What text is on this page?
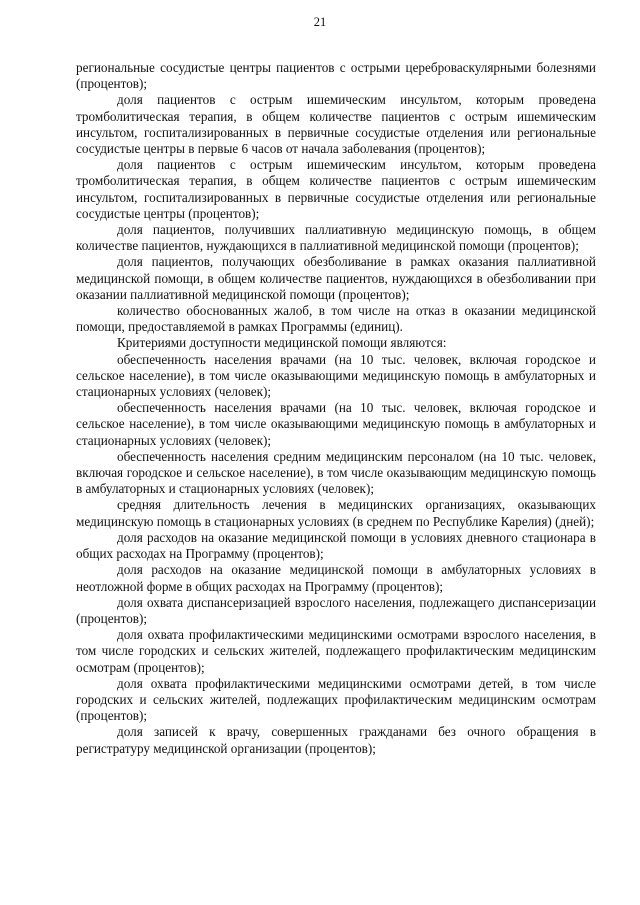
21

региональные сосудистые центры пациентов с острыми цереброваскулярными болезнями (процентов);

доля пациентов с острым ишемическим инсультом, которым проведена тромболитическая терапия, в общем количестве пациентов с острым ишемическим инсультом, госпитализированных в первичные сосудистые отделения или региональные сосудистые центры в первые 6 часов от начала заболевания (процентов);

доля пациентов с острым ишемическим инсультом, которым проведена тромболитическая терапия, в общем количестве пациентов с острым ишемическим инсультом, госпитализированных в первичные сосудистые отделения или региональные сосудистые центры (процентов);

доля пациентов, получивших паллиативную медицинскую помощь, в общем количестве пациентов, нуждающихся в паллиативной медицинской помощи (процентов);

доля пациентов, получающих обезболивание в рамках оказания паллиативной медицинской помощи, в общем количестве пациентов, нуждающихся в обезболивании при оказании паллиативной медицинской помощи (процентов);

количество обоснованных жалоб, в том числе на отказ в оказании медицинской помощи, предоставляемой в рамках Программы (единиц).

Критериями доступности медицинской помощи являются:

обеспеченность населения врачами (на 10 тыс. человек, включая городское и сельское население), в том числе оказывающими медицинскую помощь в амбулаторных и стационарных условиях (человек);

обеспеченность населения врачами (на 10 тыс. человек, включая городское и сельское население), в том числе оказывающими медицинскую помощь в амбулаторных и стационарных условиях (человек);

обеспеченность населения средним медицинским персоналом (на 10 тыс. человек, включая городское и сельское население), в том числе оказывающим медицинскую помощь в амбулаторных и стационарных условиях (человек);

средняя длительность лечения в медицинских организациях, оказывающих медицинскую помощь в стационарных условиях (в среднем по Республике Карелия) (дней);

доля расходов на оказание медицинской помощи в условиях дневного стационара в общих расходах на Программу (процентов);

доля расходов на оказание медицинской помощи в амбулаторных условиях в неотложной форме в общих расходах на Программу (процентов);

доля охвата диспансеризацией взрослого населения, подлежащего диспансеризации (процентов);

доля охвата профилактическими медицинскими осмотрами взрослого населения, в том числе городских и сельских жителей, подлежащего профилактическим медицинским осмотрам (процентов);

доля охвата профилактическими медицинскими осмотрами детей, в том числе городских и сельских жителей, подлежащих профилактическим медицинским осмотрам (процентов);

доля записей к врачу, совершенных гражданами без очного обращения в регистратуру медицинской организации (процентов);
